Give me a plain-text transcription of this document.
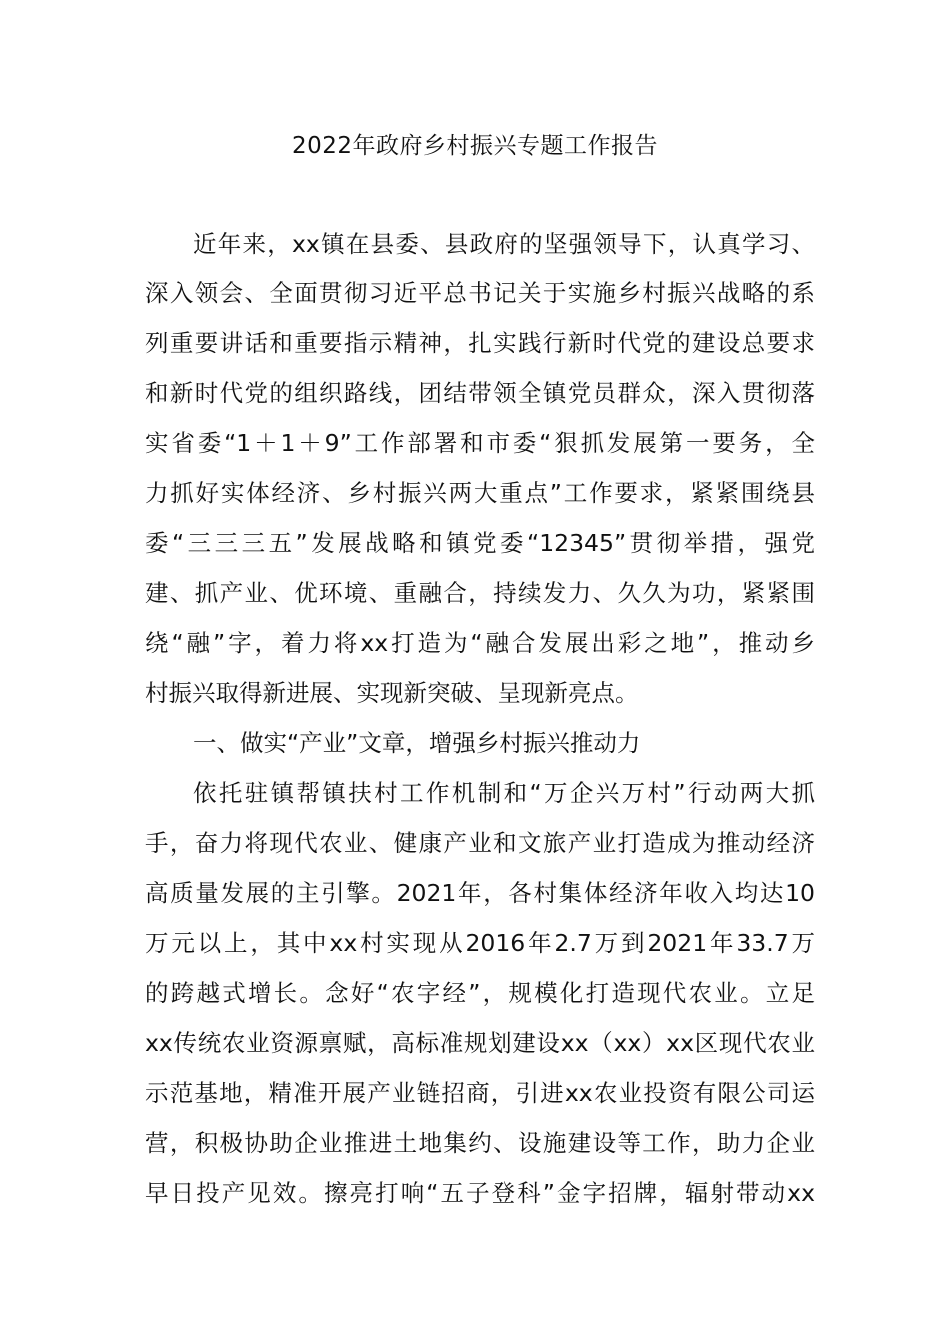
2022年政府乡村振兴专题工作报告
近年来，xx镇在县委、县政府的坚强领导下，认真学习、
深入领会、全面贯彻习近平总书记关于实施乡村振兴战略的系
列重要讲话和重要指示精神，扎实践行新时代党的建设总要求
和新时代党的组织路线，团结带领全镇党员群众，深入贯彻落
实省委“1＋1＋9”工作部署和市委“狠抓发展第一要务，全
力抓好实体经济、乡村振兴两大重点”工作要求，紧紧围绕县
委“三三三五”发展战略和镇党委“12345”贯彻举措，强党
建、抓产业、优环境、重融合，持续发力、久久为功，紧紧围
绕“融”字，着力将xx打造为“融合发展出彩之地”，推动乡
村振兴取得新进展、实现新突破、呈现新亮点。
一、做实“产业”文章，增强乡村振兴推动力
依托驻镇帮镇扶村工作机制和“万企兴万村”行动两大抓
手，奋力将现代农业、健康产业和文旅产业打造成为推动经济
高质量发展的主引擎。2021年，各村集体经济年收入均达10
万元以上，其中xx村实现从2016年2.7万到2021年33.7万
的跨越式增长。念好“农字经”，规模化打造现代农业。立足
xx传统农业资源禀赋，高标准规划建设xx（xx）xx区现代农业
示范基地，精准开展产业链招商，引进xx农业投资有限公司运
营，积极协助企业推进土地集约、设施建设等工作，助力企业
早日投产见效。擦亮打响“五子登科”金字招牌，辐射带动xx
